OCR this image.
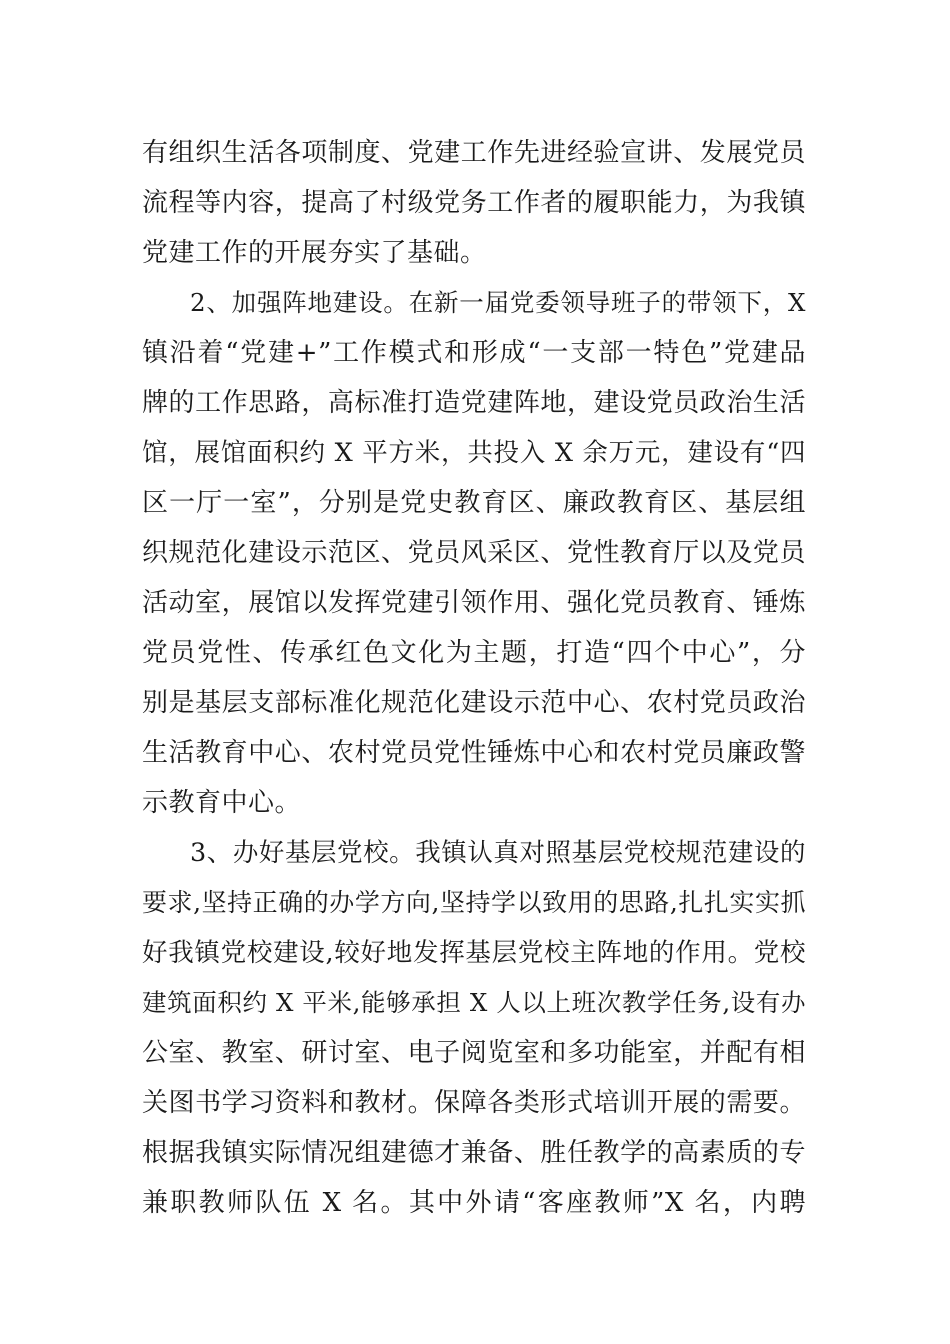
有组织生活各项制度、党建工作先进经验宣讲、发展党员
流程等内容，提高了村级党务工作者的履职能力，为我镇
党建工作的开展夯实了基础。
2、加强阵地建设。在新一届党委领导班子的带领下，X
镇沿着“党建+”工作模式和形成“一支部一特色”党建品
牌的工作思路，高标准打造党建阵地，建设党员政治生活
馆，展馆面积约 X 平方米，共投入 X 余万元，建设有“四
区一厅一室”，分别是党史教育区、廉政教育区、基层组
织规范化建设示范区、党员风采区、党性教育厅以及党员
活动室，展馆以发挥党建引领作用、强化党员教育、锤炼
党员党性、传承红色文化为主题，打造“四个中心”，分
别是基层支部标准化规范化建设示范中心、农村党员政治
生活教育中心、农村党员党性锤炼中心和农村党员廉政警
示教育中心。
3、办好基层党校。我镇认真对照基层党校规范建设的
要求,坚持正确的办学方向,坚持学以致用的思路,扎扎实实抓
好我镇党校建设,较好地发挥基层党校主阵地的作用。党校
建筑面积约 X 平米,能够承担 X 人以上班次教学任务,设有办
公室、教室、研讨室、电子阅览室和多功能室，并配有相
关图书学习资料和教材。保障各类形式培训开展的需要。
根据我镇实际情况组建德才兼备、胜任教学的高素质的专
兼职教师队伍 X 名。其中外请“客座教师”X 名，内聘
